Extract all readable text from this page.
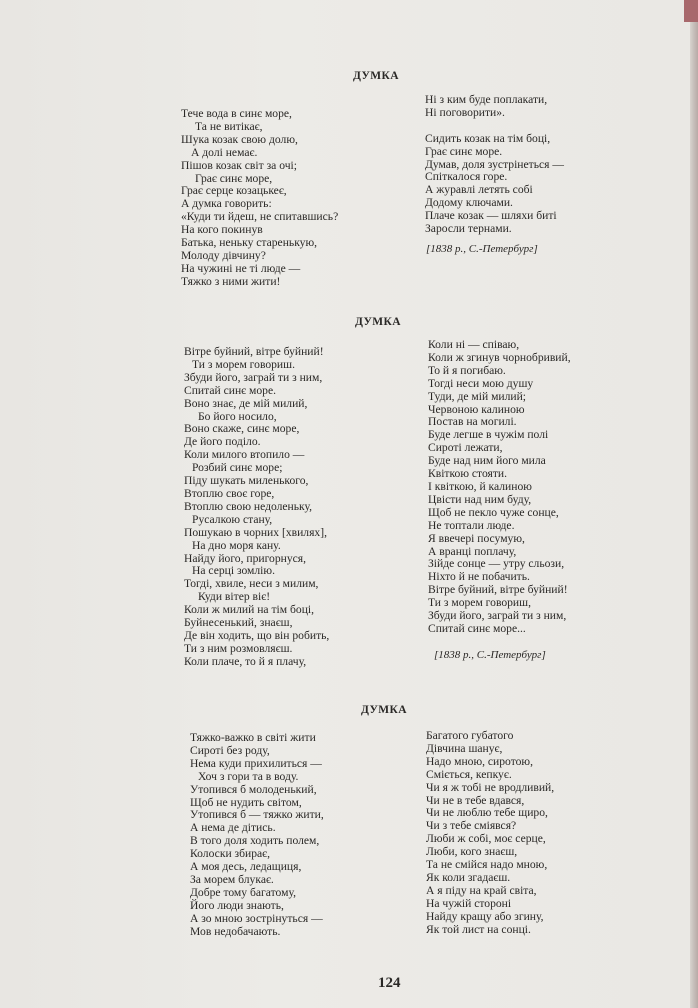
ДУМКА
Тече вода в синє море,
Та не витікає,
Шука козак свою долю,
А долі немає.
Пішов козак світ за очі;
Грає синє море,
Грає серце козацькеє,
А думка говорить:
«Куди ти йдеш, не спитавшись?
На кого покинув
Батька, неньку старенькую,
Молоду дівчину?
На чужині не ті люде —
Тяжко з ними жити!
Ні з ким буде поплакати,
Ні поговорити».

Сидить козак на тім боці,
Грає синє море.
Думав, доля зустрінеться —
Спіткалося горе.
А журавлі летять собі
Додому ключами.
Плаче козак — шляхи биті
Заросли тернами.
[1838 р., С.-Петербург]
ДУМКА
Вітре буйний, вітре буйний!
Ти з морем говориш.
Збуди його, заграй ти з ним,
Спитай синє море.
Воно знає, де мій милий,
Бо його носило,
Воно скаже, синє море,
Де його поділо.
Коли милого втопило —
Розбий синє море;
Піду шукать миленького,
Втоплю своє горе,
Втоплю свою недоленьку,
Русалкою стану,
Пошукаю в чорних [хвилях],
На дно моря кану.
Найду його, пригорнуся,
На серці зомлію.
Тогді, хвиле, неси з милим,
Куди вітер віє!
Коли ж милий на тім боці,
Буйнесенький, знаєш,
Де він ходить, що він робить,
Ти з ним розмовляєш.
Коли плаче, то й я плачу,
Коли ні — співаю,
Коли ж згинув чорнобривий,
То й я погибаю.
Тогді неси мою душу
Туди, де мій милий;
Червоною калиною
Постав на могилі.
Буде легше в чужім полі
Сироті лежати,
Буде над ним його мила
Квіткою стояти.
І квіткою, й калиною
Цвісти над ним буду,
Щоб не пекло чуже сонце,
Не топтали люде.
Я ввечері посумую,
А вранці поплачу,
Зійде сонце — утру сльози,
Ніхто й не побачить.
Вітре буйний, вітре буйний!
Ти з морем говориш,
Збуди його, заграй ти з ним,
Спитай синє море...
[1838 р., С.-Петербург]
ДУМКА
Тяжко-важко в світі жити
Сироті без роду,
Нема куди прихилиться —
Хоч з гори та в воду.
Утопився б молоденький,
Щоб не нудить світом,
Утопився б — тяжко жити,
А нема де дітись.
В того доля ходить полем,
Колоски збирає,
А моя десь, ледащиця,
За морем блукає.
Добре тому багатому,
Його люди знають,
А зо мною зострінуться —
Мов недобачають.
Багатого губатого
Дівчина шанує,
Надо мною, сиротою,
Сміється, кепкує.
Чи я ж тобі не вродливий,
Чи не в тебе вдався,
Чи не люблю тебе щиро,
Чи з тебе сміявся?
Люби ж собі, моє серце,
Люби, кого знаєш,
Та не смійся надо мною,
Як коли згадаєш.
А я піду на край світа,
На чужій стороні
Найду кращу або згину,
Як той лист на сонці.
124
